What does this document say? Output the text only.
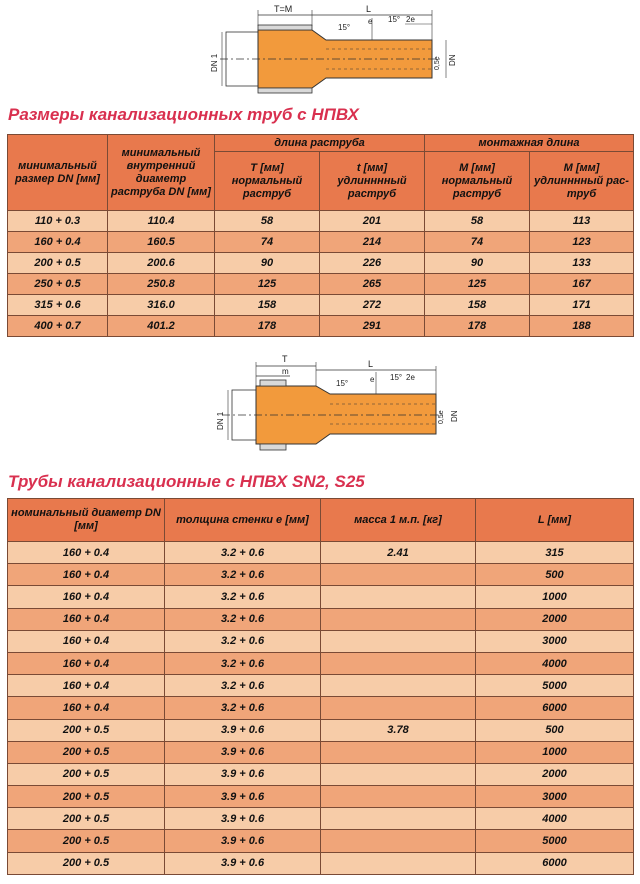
T=M	L
15°
e 15° 2e
DN 1	DN
0,5e
Размеры канализационных труб с НПВХ
минимальный размер DN [мм]	минимальный внутренний диаметр раструба DN [мм]	длина раструба		монтажная длина	
		T [мм] нормальный раструб	t [мм] удлинннный раструб	M [мм] нормальный раструб	M [мм] удлинннный рас-труб
110 + 0.3	110.4	58	201	58	113
160 + 0.4	160.5	74	214	74	123
200 + 0.5	200.6	90	226	90	133
250 + 0.5	250.8	125	265	125	167
315 + 0.6	316.0	158	272	158	171
400 + 0.7	401.2	178	291	178	188
T
m
L
15°	e 15° 2e
DN 1	DN
0,5e
Трубы канализационные с НПВХ SN2, S25
номинальный диаметр DN [мм]	толщина стенки e [мм]	масса 1 м.п. [кг]	L [мм]
160 + 0.4	3.2 + 0.6	2.41	315
160 + 0.4	3.2 + 0.6		500
160 + 0.4	3.2 + 0.6		1000
160 + 0.4	3.2 + 0.6		2000
160 + 0.4	3.2 + 0.6		3000
160 + 0.4	3.2 + 0.6		4000
160 + 0.4	3.2 + 0.6		5000
160 + 0.4	3.2 + 0.6		6000
200 + 0.5	3.9 + 0.6	3.78	500
200 + 0.5	3.9 + 0.6		1000
200 + 0.5	3.9 + 0.6		2000
200 + 0.5	3.9 + 0.6		3000
200 + 0.5	3.9 + 0.6		4000
200 + 0.5	3.9 + 0.6		5000
200 + 0.5	3.9 + 0.6		6000
